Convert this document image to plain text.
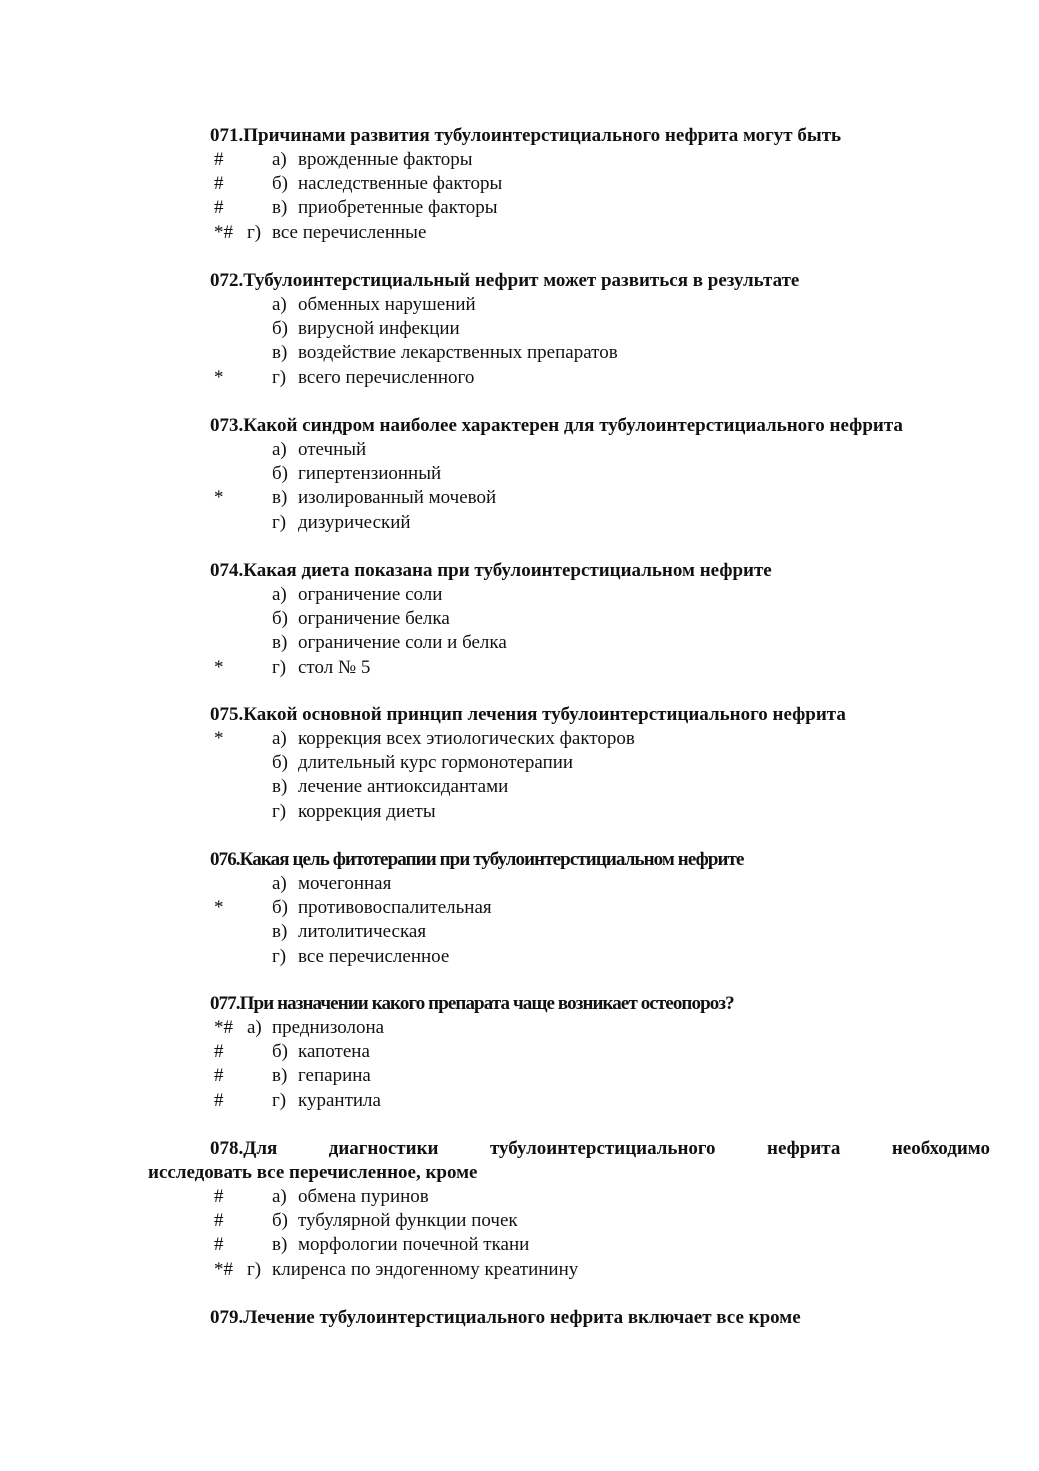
071.Причинами развития тубулоинтерстициального нефрита могут быть
#	а) врожденные факторы
#	б) наследственные факторы
#	в) приобретенные факторы
*# г) все перечисленные
072.Тубулоинтерстициальный нефрит может развиться в результате
а) обменных нарушений
б) вирусной инфекции
в) воздействие лекарственных препаратов
*	г) всего перечисленного
073.Какой синдром наиболее характерен для тубулоинтерстициального нефрита
а) отечный
б) гипертензионный
*	в) изолированный мочевой
г) дизурический
074.Какая диета показана при тубулоинтерстициальном нефрите
а) ограничение соли
б) ограничение белка
в) ограничение соли и белка
*	г) стол № 5
075.Какой основной принцип лечения тубулоинтерстициального нефрита
*	а) коррекция всех этиологических факторов
б) длительный курс гормонотерапии
в) лечение антиоксидантами
г) коррекция диеты
076.Какая цель фитотерапии при тубулоинтерстициальном нефрите
а) мочегонная
*	б) противовоспалительная
в) литолитическая
г) все перечисленное
077.При назначении какого препарата чаще возникает остеопороз?
*# а) преднизолона
#	б) капотена
#	в) гепарина
#	г) курантила
078.Для	диагностики	тубулоинтерстициального	нефрита	необходимо
исследовать все перечисленное, кроме
#	а) обмена пуринов
#	б) тубулярной функции почек
#	в) морфологии почечной ткани
*# г) клиренса по эндогенному креатинину
079.Лечение тубулоинтерстициального нефрита включает все кроме
